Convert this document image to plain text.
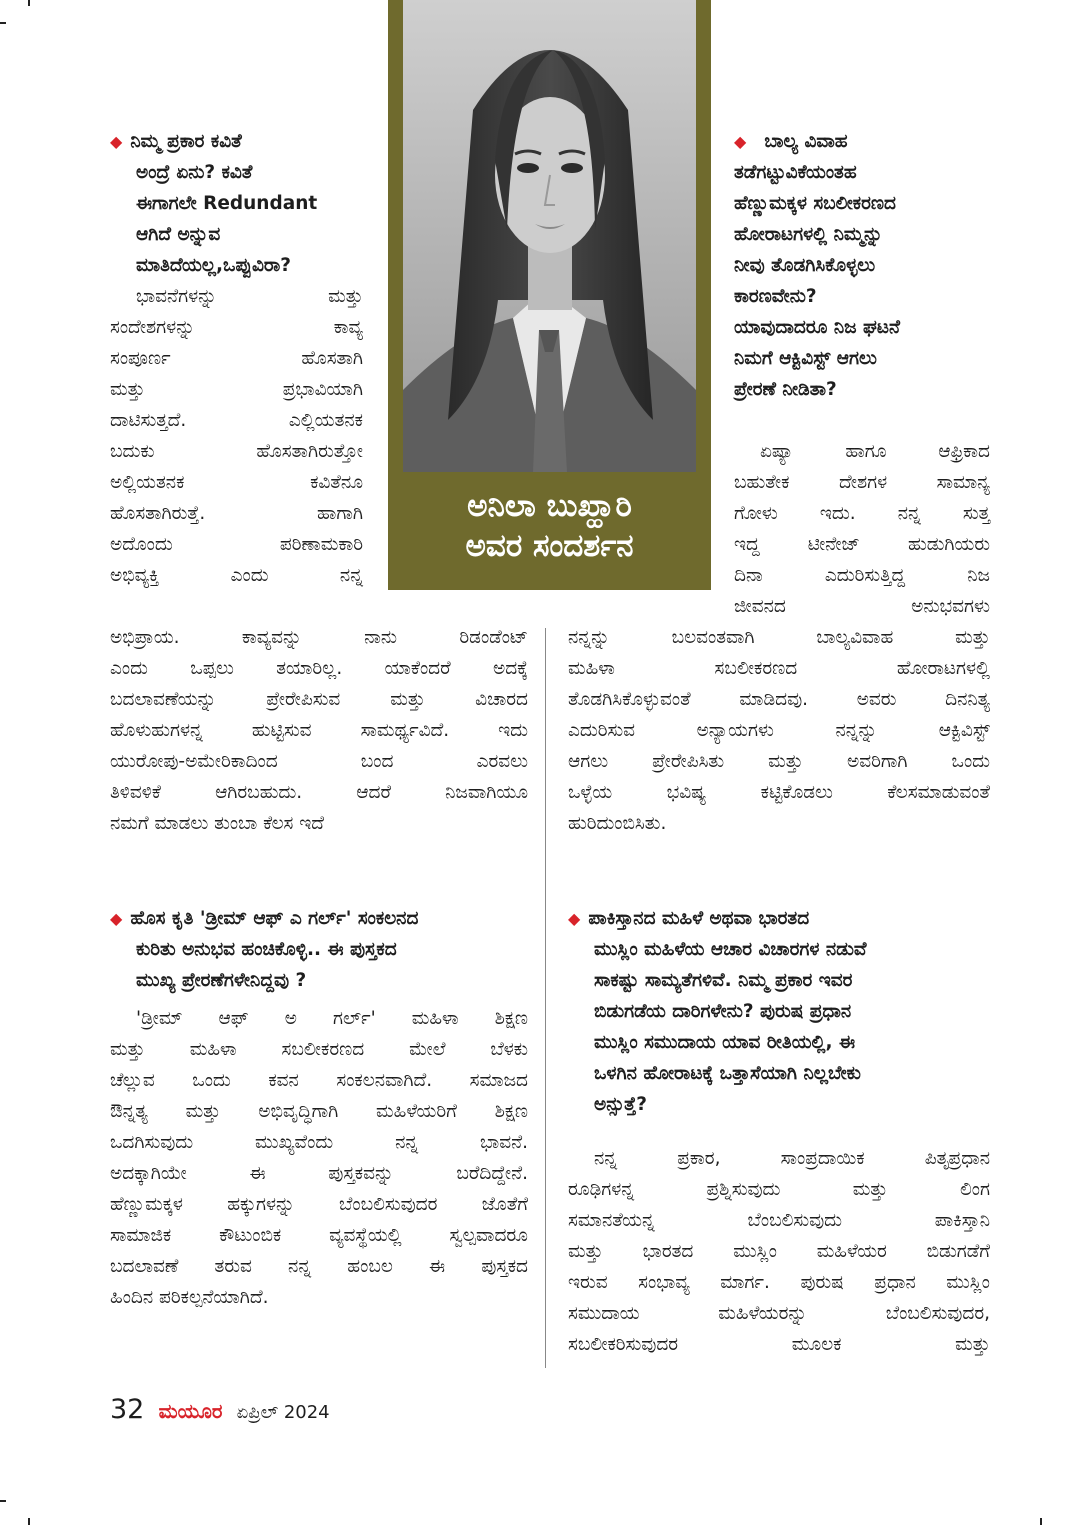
ಅನಿಲಾ ಬುಖ್ಹಾರಿ
ಅವರ ಸಂದರ್ಶನ
◆ ನಿಮ್ಮ ಪ್ರಕಾರ ಕವಿತೆ
ಅಂದ್ರೆ ಏನು? ಕವಿತೆ
ಈಗಾಗಲೇ Redundant
ಆಗಿದೆ ಅನ್ನುವ
ಮಾತಿದೆಯಲ್ಲ,ಒಪ್ಪುವಿರಾ?
ಭಾವನೆಗಳನ್ನು ಮತ್ತು
ಸಂದೇಶಗಳನ್ನು ಕಾವ್ಯ
ಸಂಪೂರ್ಣ ಹೊಸತಾಗಿ
ಮತ್ತು ಪ್ರಭಾವಿಯಾಗಿ
ದಾಟಿಸುತ್ತದೆ. ಎಲ್ಲಿಯತನಕ
ಬದುಕು ಹೊಸತಾಗಿರುತ್ತೋ
ಅಲ್ಲಿಯತನಕ ಕವಿತೆನೂ
ಹೊಸತಾಗಿರುತ್ತೆ. ಹಾಗಾಗಿ
ಅದೊಂದು ಪರಿಣಾಮಕಾರಿ
ಅಭಿವ್ಯಕ್ತಿ ಎಂದು ನನ್ನ
ಅಭಿಪ್ರಾಯ. ಕಾವ್ಯವನ್ನು ನಾನು ರಿಡಂಡೆಂಟ್
ಎಂದು ಒಪ್ಪಲು ತಯಾರಿಲ್ಲ. ಯಾಕೆಂದರೆ ಅದಕ್ಕೆ
ಬದಲಾವಣೆಯನ್ನು ಪ್ರೇರೇಪಿಸುವ ಮತ್ತು ವಿಚಾರದ
ಹೊಳುಹುಗಳನ್ನ ಹುಟ್ಟಿಸುವ ಸಾಮರ್ಥ್ಯವಿದೆ. ಇದು
ಯುರೋಪು-ಅಮೇರಿಕಾದಿಂದ ಬಂದ ಎರವಲು
ತಿಳಿವಳಿಕೆ ಆಗಿರಬಹುದು. ಆದರೆ ನಿಜವಾಗಿಯೂ
ನಮಗೆ ಮಾಡಲು ತುಂಬಾ ಕೆಲಸ ಇದೆ
◆ ಬಾಲ್ಯ ವಿವಾಹ
ತಡೆಗಟ್ಟುವಿಕೆಯಂತಹ
ಹೆಣ್ಣುಮಕ್ಕಳ ಸಬಲೀಕರಣದ
ಹೋರಾಟಗಳಲ್ಲಿ ನಿಮ್ಮನ್ನು
ನೀವು ತೊಡಗಿಸಿಕೊಳ್ಳಲು
ಕಾರಣವೇನು?
ಯಾವುದಾದರೂ ನಿಜ ಘಟನೆ
ನಿಮಗೆ ಆಕ್ಟಿವಿಸ್ಟ್ ಆಗಲು
ಪ್ರೇರಣೆ ನೀಡಿತಾ?
ಏಷ್ಯಾ ಹಾಗೂ ಆಫ್ರಿಕಾದ
ಬಹುತೇಕ ದೇಶಗಳ ಸಾಮಾನ್ಯ
ಗೋಳು ಇದು. ನನ್ನ ಸುತ್ತ
ಇದ್ದ ಟೀನೇಜ್ ಹುಡುಗಿಯರು
ದಿನಾ ಎದುರಿಸುತ್ತಿದ್ದ ನಿಜ
ಜೀವನದ ಅನುಭವಗಳು
ನನ್ನನ್ನು ಬಲವಂತವಾಗಿ ಬಾಲ್ಯವಿವಾಹ ಮತ್ತು
ಮಹಿಳಾ ಸಬಲೀಕರಣದ ಹೋರಾಟಗಳಲ್ಲಿ
ತೊಡಗಿಸಿಕೊಳ್ಳುವಂತೆ ಮಾಡಿದವು. ಅವರು ದಿನನಿತ್ಯ
ಎದುರಿಸುವ ಅನ್ಯಾಯಗಳು ನನ್ನನ್ನು ಆಕ್ಟಿವಿಸ್ಟ್
ಆಗಲು ಪ್ರೇರೇಪಿಸಿತು ಮತ್ತು ಅವರಿಗಾಗಿ ಒಂದು
ಒಳ್ಳೆಯ ಭವಿಷ್ಯ ಕಟ್ಟಿಕೊಡಲು ಕೆಲಸಮಾಡುವಂತೆ
ಹುರಿದುಂಬಿಸಿತು.
◆ ಹೊಸ ಕೃತಿ 'ಡ್ರೀಮ್ ಆಫ್ ಎ ಗರ್ಲ್' ಸಂಕಲನದ
ಕುರಿತು ಅನುಭವ ಹಂಚಿಕೊಳ್ಳಿ.. ಈ ಪುಸ್ತಕದ
ಮುಖ್ಯ ಪ್ರೇರಣೆಗಳೇನಿದ್ದವು ?
'ಡ್ರೀಮ್ ಆಫ್ ಅ ಗರ್ಲ್' ಮಹಿಳಾ ಶಿಕ್ಷಣ
ಮತ್ತು ಮಹಿಳಾ ಸಬಲೀಕರಣದ ಮೇಲೆ ಬೆಳಕು
ಚೆಲ್ಲುವ ಒಂದು ಕವನ ಸಂಕಲನವಾಗಿದೆ. ಸಮಾಜದ
ಔನ್ನತ್ಯ ಮತ್ತು ಅಭಿವೃದ್ಧಿಗಾಗಿ ಮಹಿಳೆಯರಿಗೆ ಶಿಕ್ಷಣ
ಒದಗಿಸುವುದು ಮುಖ್ಯವೆಂದು ನನ್ನ ಭಾವನೆ.
ಅದಕ್ಕಾಗಿಯೇ ಈ ಪುಸ್ತಕವನ್ನು ಬರೆದಿದ್ದೇನೆ.
ಹೆಣ್ಣುಮಕ್ಕಳ ಹಕ್ಕುಗಳನ್ನು ಬೆಂಬಲಿಸುವುದರ ಜೊತೆಗೆ
ಸಾಮಾಜಿಕ ಕೌಟುಂಬಿಕ ವ್ಯವಸ್ಥೆಯಲ್ಲಿ ಸ್ವಲ್ಪವಾದರೂ
ಬದಲಾವಣೆ ತರುವ ನನ್ನ ಹಂಬಲ ಈ ಪುಸ್ತಕದ
ಹಿಂದಿನ ಪರಿಕಲ್ಪನೆಯಾಗಿದೆ.
◆ ಪಾಕಿಸ್ತಾನದ ಮಹಿಳೆ ಅಥವಾ ಭಾರತದ
ಮುಸ್ಲಿಂ ಮಹಿಳೆಯ ಆಚಾರ ವಿಚಾರಗಳ ನಡುವೆ
ಸಾಕಷ್ಟು ಸಾಮ್ಯತೆಗಳಿವೆ. ನಿಮ್ಮ ಪ್ರಕಾರ ಇವರ
ಬಿಡುಗಡೆಯ ದಾರಿಗಳೇನು? ಪುರುಷ ಪ್ರಧಾನ
ಮುಸ್ಲಿಂ ಸಮುದಾಯ ಯಾವ ರೀತಿಯಲ್ಲಿ, ಈ
ಒಳಗಿನ ಹೋರಾಟಕ್ಕೆ ಒತ್ತಾಸೆಯಾಗಿ ನಿಲ್ಲಬೇಕು
ಅನ್ಸುತ್ತೆ?
ನನ್ನ ಪ್ರಕಾರ, ಸಾಂಪ್ರದಾಯಿಕ ಪಿತೃಪ್ರಧಾನ
ರೂಢಿಗಳನ್ನ ಪ್ರಶ್ನಿಸುವುದು ಮತ್ತು ಲಿಂಗ
ಸಮಾನತೆಯನ್ನ ಬೆಂಬಲಿಸುವುದು ಪಾಕಿಸ್ತಾನಿ
ಮತ್ತು ಭಾರತದ ಮುಸ್ಲಿಂ ಮಹಿಳೆಯರ ಬಿಡುಗಡೆಗೆ
ಇರುವ ಸಂಭಾವ್ಯ ಮಾರ್ಗ. ಪುರುಷ ಪ್ರಧಾನ ಮುಸ್ಲಿಂ
ಸಮುದಾಯ ಮಹಿಳೆಯರನ್ನು ಬೆಂಬಲಿಸುವುದರ,
ಸಬಲೀಕರಿಸುವುದರ ಮೂಲಕ ಮತ್ತು
32 ಮಯೂರ ಏಪ್ರಿಲ್ 2024
